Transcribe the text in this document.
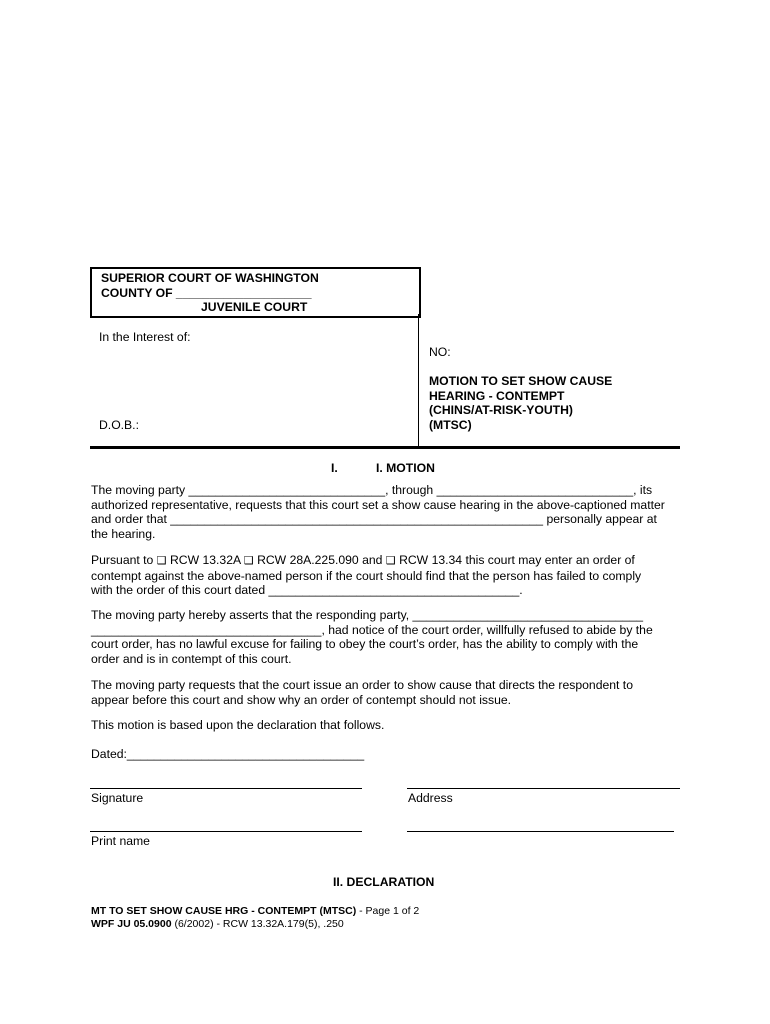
SUPERIOR COURT OF WASHINGTON
COUNTY OF ____________________
JUVENILE COURT
In the Interest of:
D.O.B.:
NO:
MOTION TO SET SHOW CAUSE
HEARING - CONTEMPT
(CHINS/AT-RISK-YOUTH)
(MTSC)
I.	I. MOTION
The moving party _____________________________, through _____________________________, its
authorized representative, requests that this court set a show cause hearing in the above-captioned matter
and order that _______________________________________________________ personally appear at
the hearing.
Pursuant to ❑ RCW 13.32A ❑ RCW 28A.225.090 and ❑ RCW 13.34 this court may enter an order of
contempt against the above-named person if the court should find that the person has failed to comply
with the order of this court dated _____________________________________.
The moving party hereby asserts that the responding party, __________________________________
__________________________________, had notice of the court order, willfully refused to abide by the
court order, has no lawful excuse for failing to obey the court’s order, has the ability to comply with the
order and is in contempt of this court.
The moving party requests that the court issue an order to show cause that directs the respondent to
appear before this court and show why an order of contempt should not issue.
This motion is based upon the declaration that follows.
Dated:___________________________________
Signature	Address
Print name
II. DECLARATION
MT TO SET SHOW CAUSE HRG - CONTEMPT (MTSC) - Page 1 of 2
WPF JU 05.0900 (6/2002) - RCW 13.32A.179(5), .250
